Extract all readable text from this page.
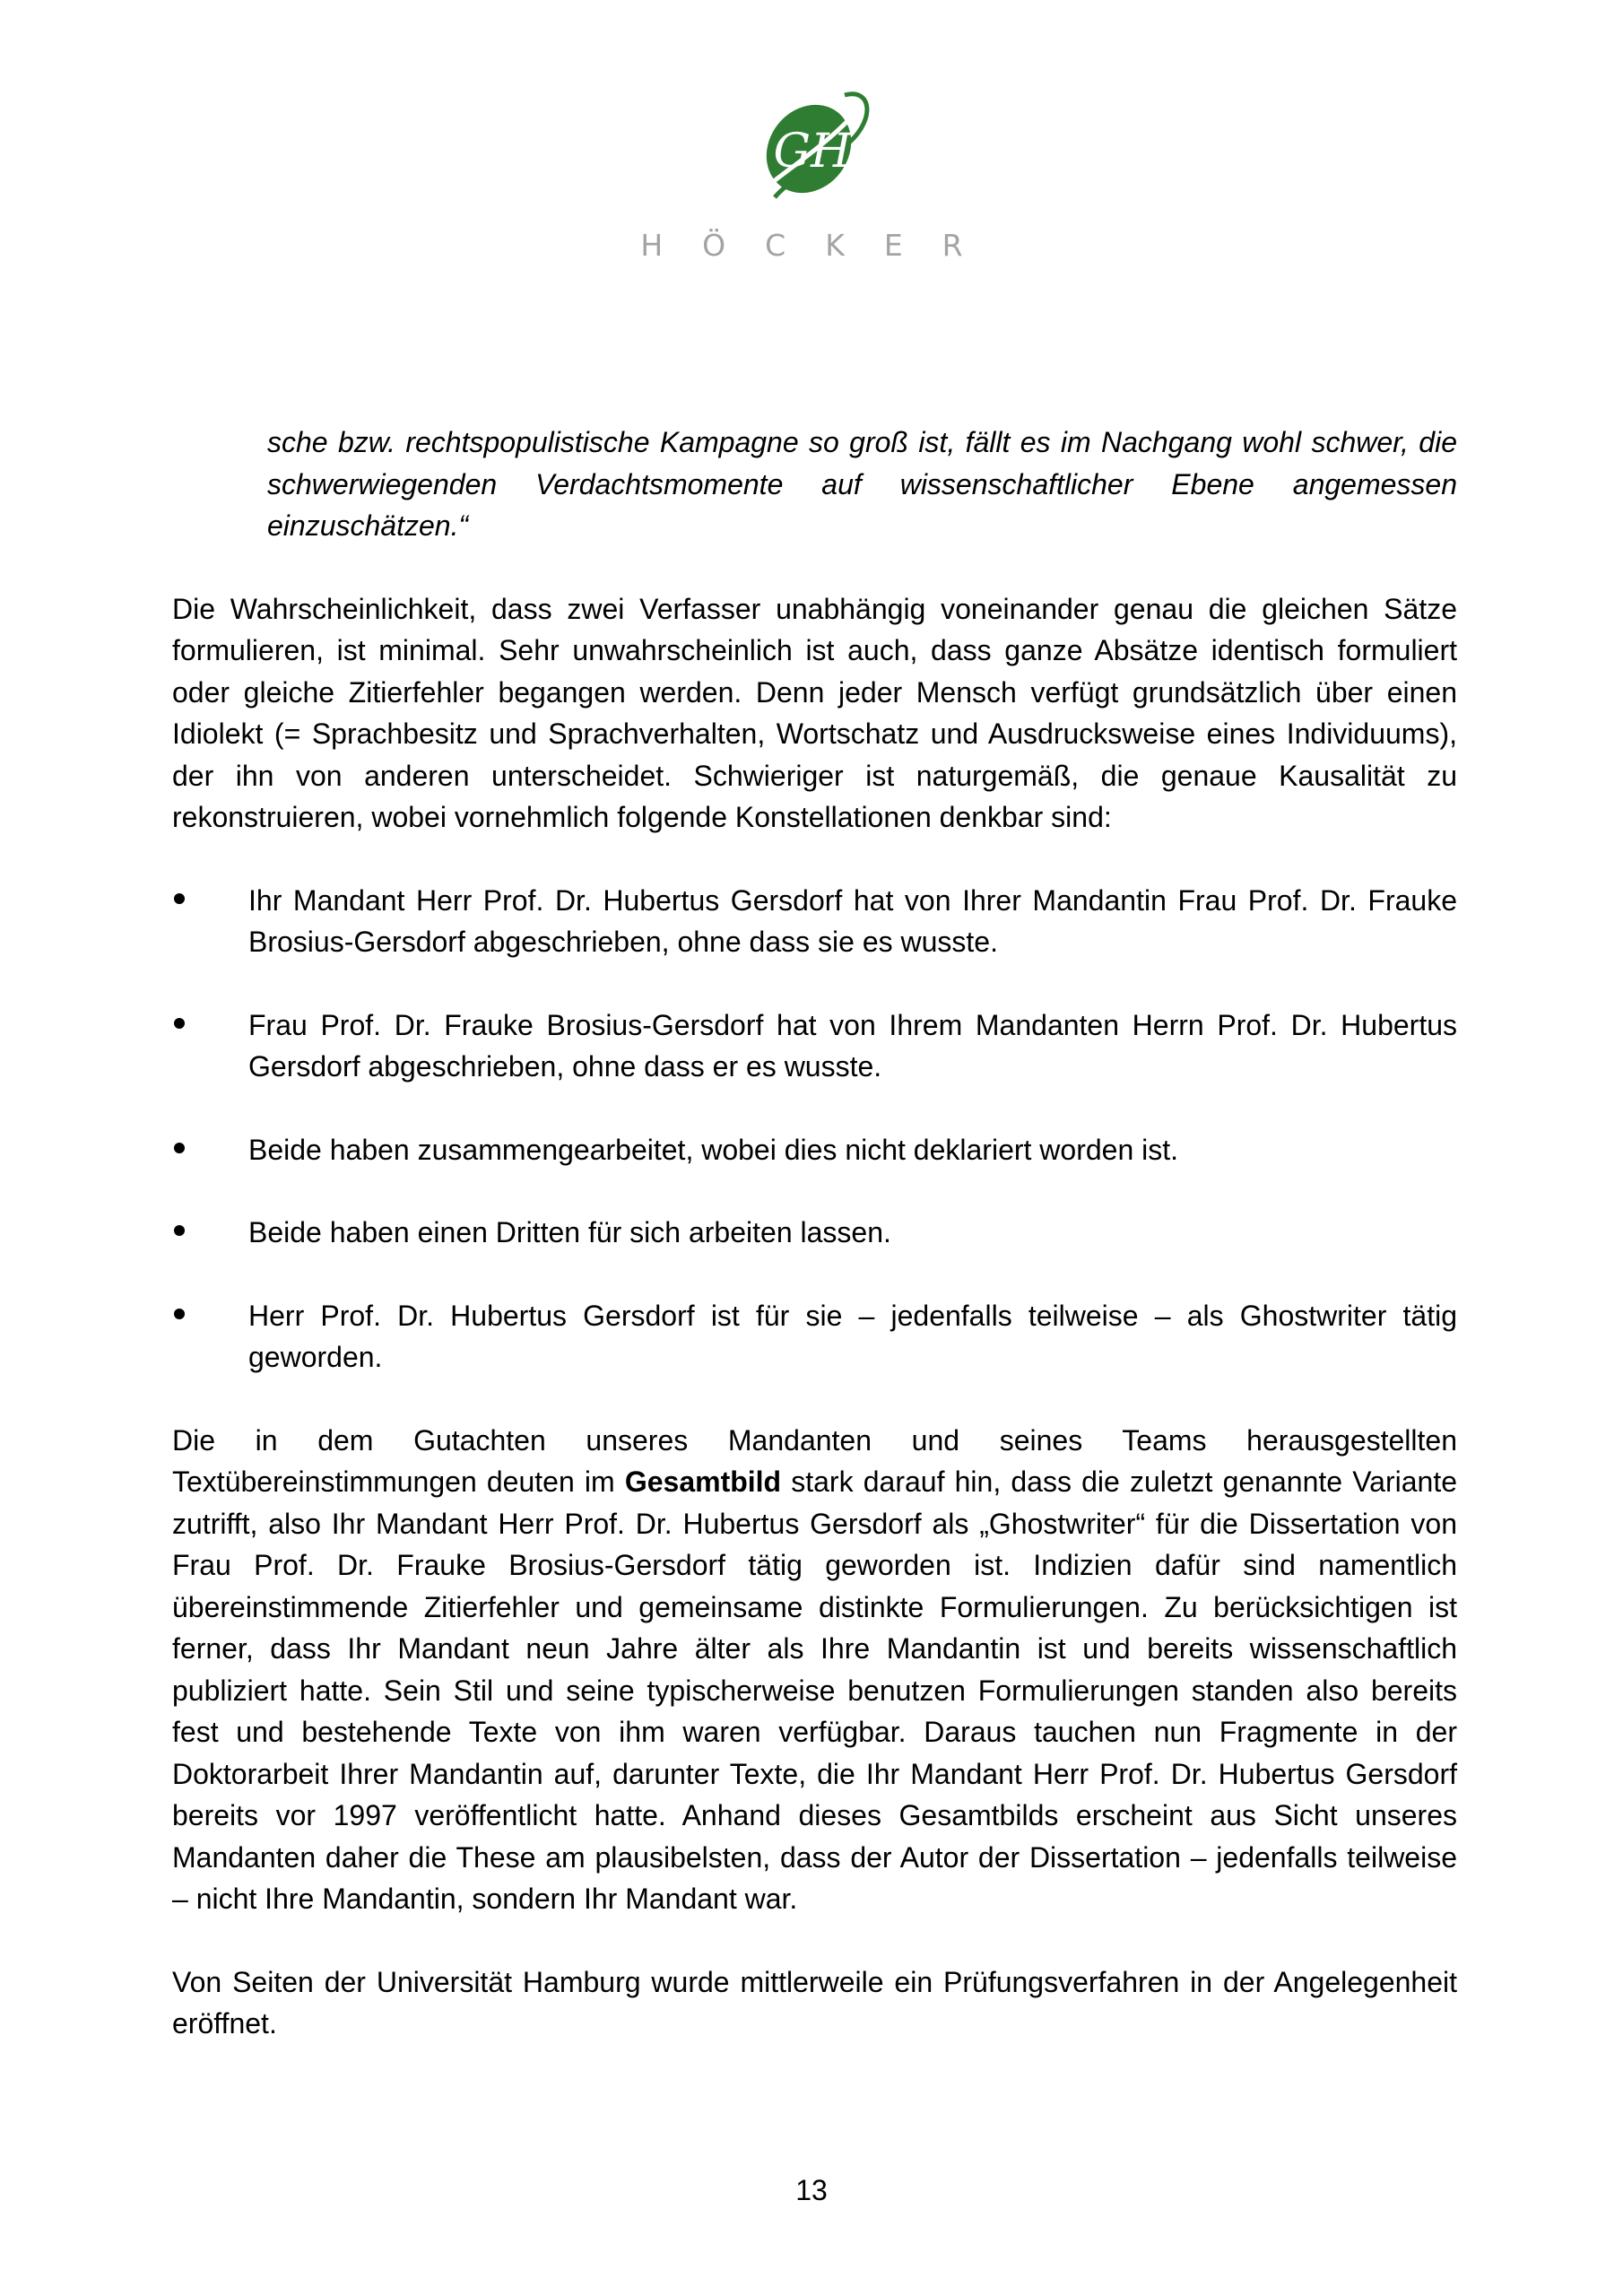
GH
HÖCKER

sche bzw. rechtspopulistische Kampagne so groß ist, fällt es im Nachgang wohl schwer, die schwerwiegenden Verdachtsmomente auf wissenschaftlicher Ebene angemessen einzuschätzen.“

Die Wahrscheinlichkeit, dass zwei Verfasser unabhängig voneinander genau die gleichen Sätze formulieren, ist minimal. Sehr unwahrscheinlich ist auch, dass ganze Absätze identisch formuliert oder gleiche Zitierfehler begangen werden. Denn jeder Mensch verfügt grundsätzlich über einen Idiolekt (= Sprachbesitz und Sprachverhalten, Wortschatz und Ausdrucksweise eines Individuums), der ihn von anderen unterscheidet. Schwieriger ist naturgemäß, die genaue Kausalität zu rekonstruieren, wobei vornehmlich folgende Konstellationen denkbar sind:

Ihr Mandant Herr Prof. Dr. Hubertus Gersdorf hat von Ihrer Mandantin Frau Prof. Dr. Frauke Brosius-Gersdorf abgeschrieben, ohne dass sie es wusste.
Frau Prof. Dr. Frauke Brosius-Gersdorf hat von Ihrem Mandanten Herrn Prof. Dr. Hubertus Gersdorf abgeschrieben, ohne dass er es wusste.
Beide haben zusammengearbeitet, wobei dies nicht deklariert worden ist.
Beide haben einen Dritten für sich arbeiten lassen.
Herr Prof. Dr. Hubertus Gersdorf ist für sie – jedenfalls teilweise – als Ghostwriter tätig geworden.

Die in dem Gutachten unseres Mandanten und seines Teams herausgestellten Textübereinstimmungen deuten im Gesamtbild stark darauf hin, dass die zuletzt genannte Variante zutrifft, also Ihr Mandant Herr Prof. Dr. Hubertus Gersdorf als „Ghostwriter“ für die Dissertation von Frau Prof. Dr. Frauke Brosius-Gersdorf tätig geworden ist. Indizien dafür sind namentlich übereinstimmende Zitierfehler und gemeinsame distinkte Formulierungen. Zu berücksichtigen ist ferner, dass Ihr Mandant neun Jahre älter als Ihre Mandantin ist und bereits wissenschaftlich publiziert hatte. Sein Stil und seine typischerweise benutzen Formulierungen standen also bereits fest und bestehende Texte von ihm waren verfügbar. Daraus tauchen nun Fragmente in der Doktorarbeit Ihrer Mandantin auf, darunter Texte, die Ihr Mandant Herr Prof. Dr. Hubertus Gersdorf bereits vor 1997 veröffentlicht hatte. Anhand dieses Gesamtbilds erscheint aus Sicht unseres Mandanten daher die These am plausibelsten, dass der Autor der Dissertation – jedenfalls teilweise – nicht Ihre Mandantin, sondern Ihr Mandant war.

Von Seiten der Universität Hamburg wurde mittlerweile ein Prüfungsverfahren in der Angelegenheit eröffnet.

13
